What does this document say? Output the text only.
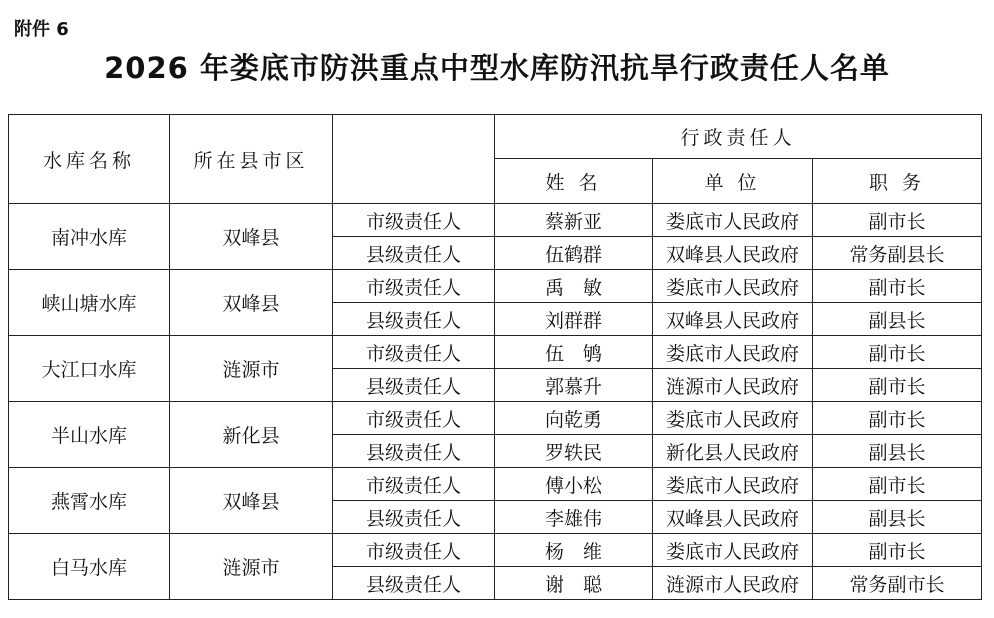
附件 6
2026 年娄底市防洪重点中型水库防汛抗旱行政责任人名单
水库名称	所在县市区		行政责任人		
			姓 名	单 位	职 务
南冲水库	双峰县	市级责任人	蔡新亚	娄底市人民政府	副市长
		县级责任人	伍鹤群	双峰县人民政府	常务副县长
峡山塘水库	双峰县	市级责任人	禹　敏	娄底市人民政府	副市长
		县级责任人	刘群群	双峰县人民政府	副县长
大江口水库	涟源市	市级责任人	伍　鸲	娄底市人民政府	副市长
		县级责任人	郭慕升	涟源市人民政府	副市长
半山水库	新化县	市级责任人	向乾勇	娄底市人民政府	副市长
		县级责任人	罗轶民	新化县人民政府	副县长
燕霄水库	双峰县	市级责任人	傅小松	娄底市人民政府	副市长
		县级责任人	李雄伟	双峰县人民政府	副县长
白马水库	涟源市	市级责任人	杨　维	娄底市人民政府	副市长
		县级责任人	谢　聪	涟源市人民政府	常务副市长
